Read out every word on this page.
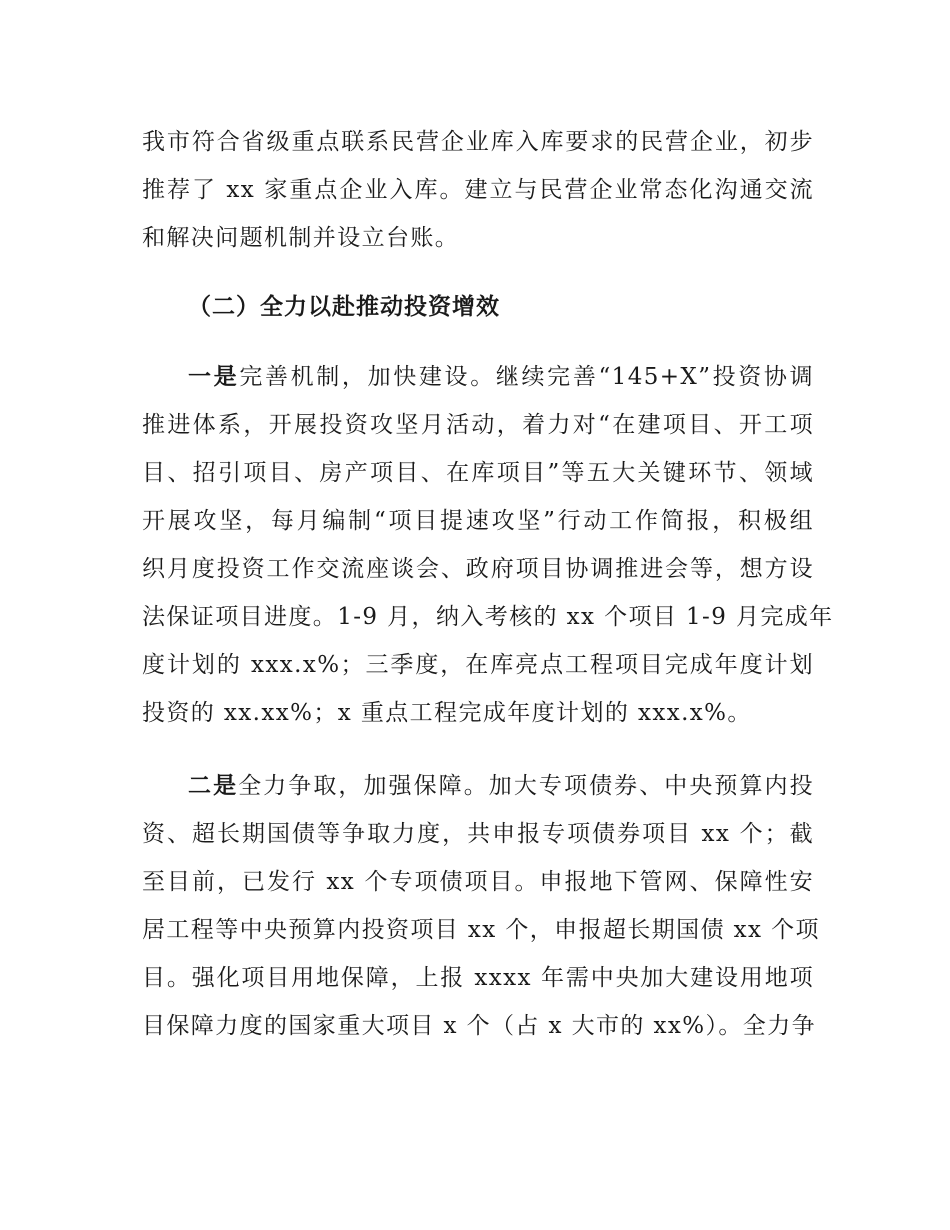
我市符合省级重点联系民营企业库入库要求的民营企业，初步
推荐了 xx 家重点企业入库。建立与民营企业常态化沟通交流
和解决问题机制并设立台账。
（二）全力以赴推动投资增效
一是完善机制，加快建设。继续完善“145+X”投资协调
推进体系，开展投资攻坚月活动，着力对“在建项目、开工项
目、招引项目、房产项目、在库项目”等五大关键环节、领域
开展攻坚，每月编制“项目提速攻坚”行动工作简报，积极组
织月度投资工作交流座谈会、政府项目协调推进会等，想方设
法保证项目进度。1-9 月，纳入考核的 xx 个项目 1-9 月完成年
度计划的 xxx.x%；三季度，在库亮点工程项目完成年度计划
投资的 xx.xx%；x 重点工程完成年度计划的 xxx.x%。
二是全力争取，加强保障。加大专项债券、中央预算内投
资、超长期国债等争取力度，共申报专项债券项目 xx 个；截
至目前，已发行 xx 个专项债项目。申报地下管网、保障性安
居工程等中央预算内投资项目 xx 个，申报超长期国债 xx 个项
目。强化项目用地保障，上报 xxxx 年需中央加大建设用地项
目保障力度的国家重大项目 x 个（占 x 大市的 xx%）。全力争
